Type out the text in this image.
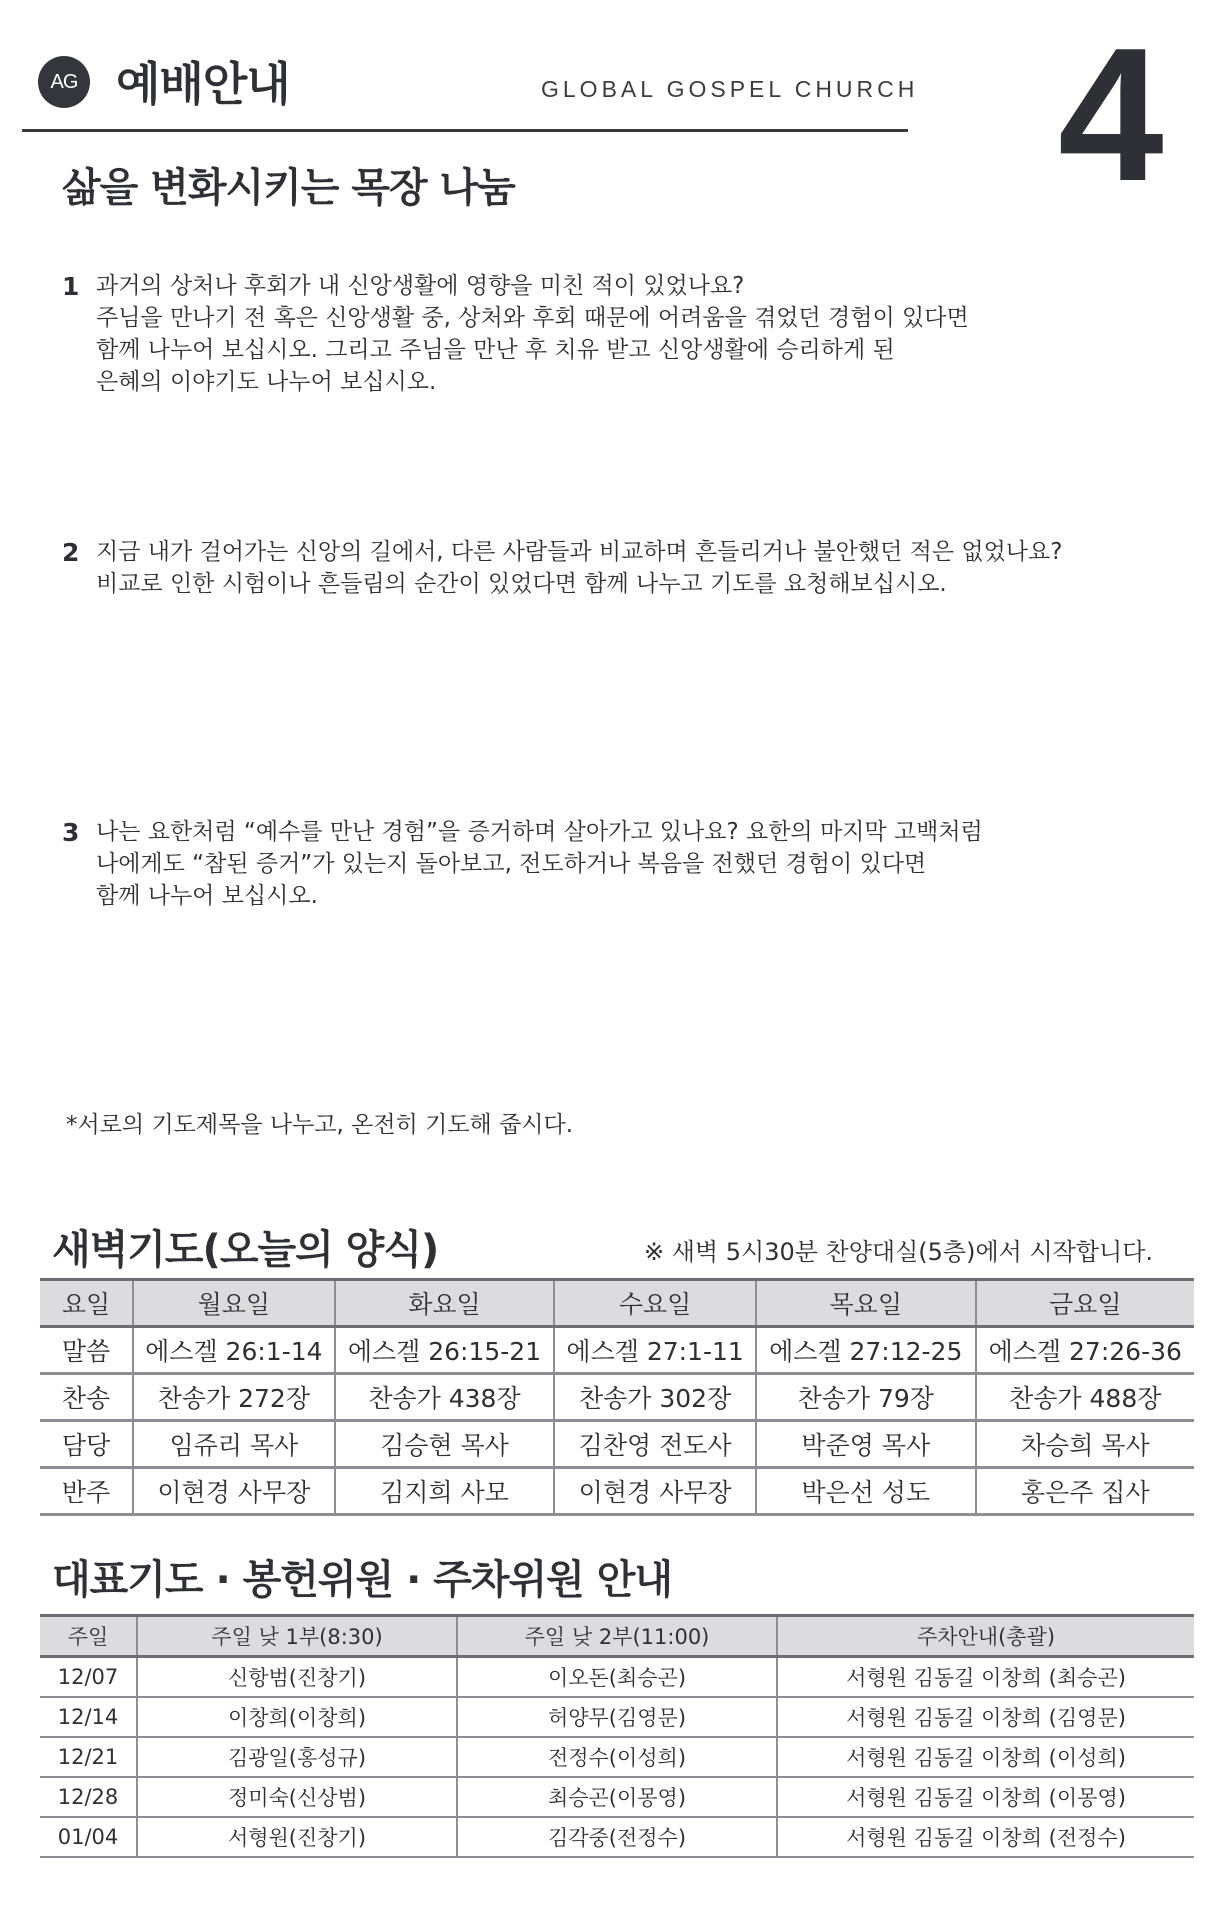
AG 예배안내	GLOBAL GOSPEL CHURCH 4
삶을 변화시키는 목장 나눔
1 과거의 상처나 후회가 내 신앙생활에 영향을 미친 적이 있었나요?
주님을 만나기 전 혹은 신앙생활 중, 상처와 후회 때문에 어려움을 겪었던 경험이 있다면
함께 나누어 보십시오. 그리고 주님을 만난 후 치유 받고 신앙생활에 승리하게 된
은혜의 이야기도 나누어 보십시오.
2 지금 내가 걸어가는 신앙의 길에서, 다른 사람들과 비교하며 흔들리거나 불안했던 적은 없었나요?
비교로 인한 시험이나 흔들림의 순간이 있었다면 함께 나누고 기도를 요청해보십시오.
3 나는 요한처럼 “예수를 만난 경험”을 증거하며 살아가고 있나요? 요한의 마지막 고백처럼
나에게도 “참된 증거”가 있는지 돌아보고, 전도하거나 복음을 전했던 경험이 있다면
함께 나누어 보십시오.
*서로의 기도제목을 나누고, 온전히 기도해 줍시다.
새벽기도(오늘의 양식)	※ 새벽 5시30분 찬양대실(5층)에서 시작합니다.
요일	월요일	화요일	수요일	목요일	금요일
말씀	에스겔 26:1-14	에스겔 26:15-21	에스겔 27:1-11	에스겔 27:12-25	에스겔 27:26-36
찬송	찬송가 272장	찬송가 438장	찬송가 302장	찬송가 79장	찬송가 488장
담당	임쥬리 목사	김승현 목사	김찬영 전도사	박준영 목사	차승희 목사
반주	이현경 사무장	김지희 사모	이현경 사무장	박은선 성도	홍은주 집사
대표기도 · 봉헌위원 · 주차위원 안내
주일	주일 낮 1부(8:30)	주일 낮 2부(11:00)	주차안내(총괄)
12/07	신항범(진창기)	이오돈(최승곤)	서형원 김동길 이창희 (최승곤)
12/14	이창희(이창희)	허양무(김영문)	서형원 김동길 이창희 (김영문)
12/21	김광일(홍성규)	전정수(이성희)	서형원 김동길 이창희 (이성희)
12/28	정미숙(신상범)	최승곤(이몽영)	서형원 김동길 이창희 (이몽영)
01/04	서형원(진창기)	김각중(전정수)	서형원 김동길 이창희 (전정수)
